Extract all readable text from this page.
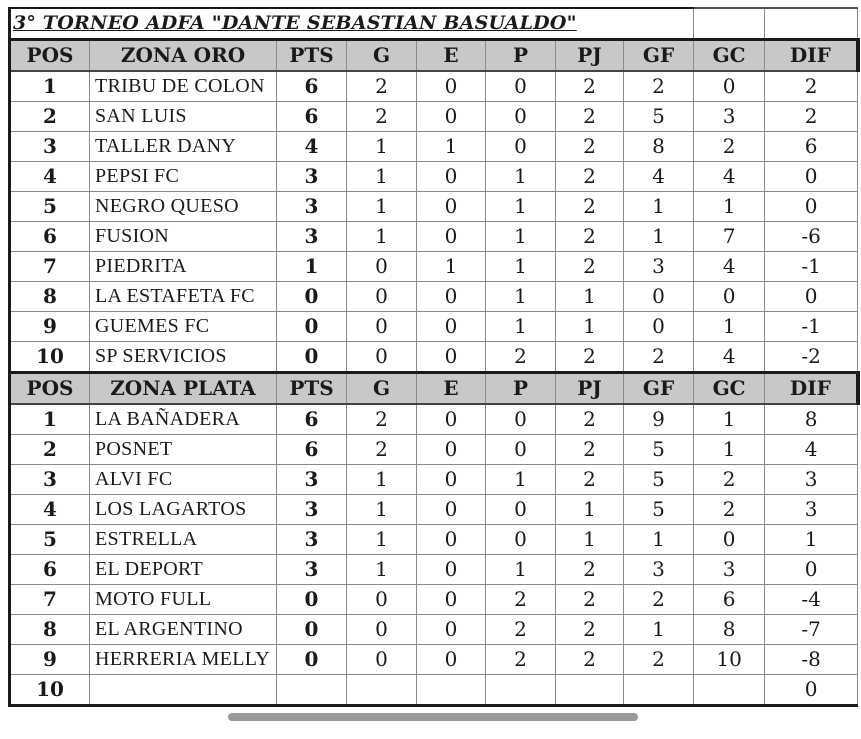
3° TORNEO ADFA "DANTE SEBASTIAN BASUALDO"									
POS	ZONA ORO	PTS	G	E	P	PJ	GF	GC	DIF
1	TRIBU DE COLON	6	2	0	0	2	2	0	2
2	SAN LUIS	6	2	0	0	2	5	3	2
3	TALLER DANY	4	1	1	0	2	8	2	6
4	PEPSI FC	3	1	0	1	2	4	4	0
5	NEGRO QUESO	3	1	0	1	2	1	1	0
6	FUSION	3	1	0	1	2	1	7	-6
7	PIEDRITA	1	0	1	1	2	3	4	-1
8	LA ESTAFETA FC	0	0	0	1	1	0	0	0
9	GUEMES FC	0	0	0	1	1	0	1	-1
10	SP SERVICIOS	0	0	0	2	2	2	4	-2
POS	ZONA PLATA	PTS	G	E	P	PJ	GF	GC	DIF
1	LA BAÑADERA	6	2	0	0	2	9	1	8
2	POSNET	6	2	0	0	2	5	1	4
3	ALVI FC	3	1	0	1	2	5	2	3
4	LOS LAGARTOS	3	1	0	0	1	5	2	3
5	ESTRELLA	3	1	0	0	1	1	0	1
6	EL DEPORT	3	1	0	1	2	3	3	0
7	MOTO FULL	0	0	0	2	2	2	6	-4
8	EL ARGENTINO	0	0	0	2	2	1	8	-7
9	HERRERIA MELLY	0	0	0	2	2	2	10	-8
10									0
